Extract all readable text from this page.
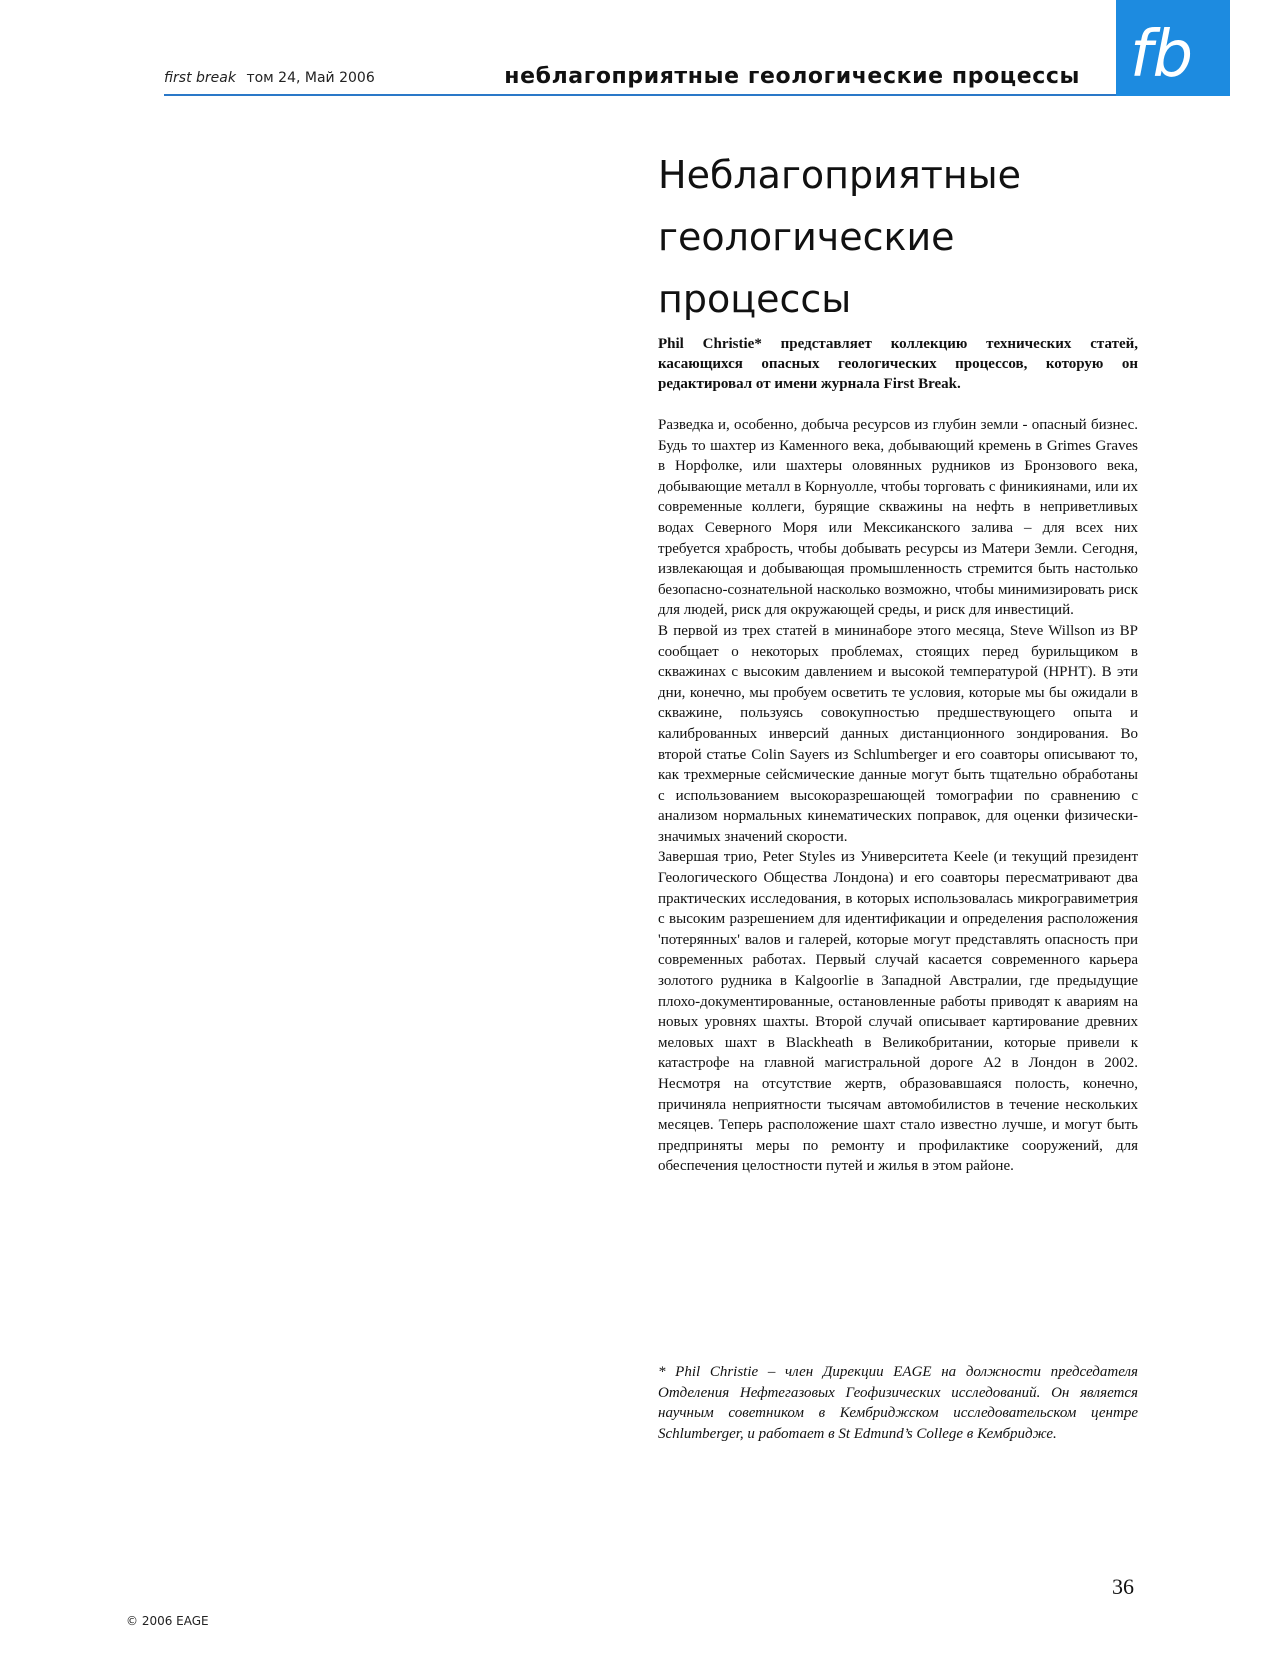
first break том 24, Май 2006	неблагоприятные геологические процессы fb
Неблагоприятные
геологические
процессы
Phil Christie* представляет коллекцию технических статей, касающихся опасных геологических процессов, которую он редактировал от имени журнала First Break.

Разведка и, особенно, добыча ресурсов из глубин земли - опасный бизнес. Будь то шахтер из Каменного века, добывающий кремень в Grimes Graves в Норфолке, или шахтеры оловянных рудников из Бронзового века, добывающие металл в Корнуолле, чтобы торговать с финикиянами, или их современные коллеги, бурящие скважины на нефть в неприветливых водах Северного Моря или Мексиканского залива – для всех них требуется храбрость, чтобы добывать ресурсы из Матери Земли. Сегодня, извлекающая и добывающая промышленность стремится быть настолько безопасно-сознательной насколько возможно, чтобы минимизировать риск для людей, риск для окружающей среды, и риск для инвестиций.

В первой из трех статей в мининаборе этого месяца, Steve Willson из BP сообщает о некоторых проблемах, стоящих перед бурильщиком в скважинах с высоким давлением и высокой температурой (HPHT). В эти дни, конечно, мы пробуем осветить те условия, которые мы бы ожидали в скважине, пользуясь совокупностью предшествующего опыта и калиброванных инверсий данных дистанционного зондирования. Во второй статье Colin Sayers из Schlumberger и его соавторы описывают то, как трехмерные сейсмические данные могут быть тщательно обработаны с использованием высокоразрешающей томографии по сравнению с анализом нормальных кинематических поправок, для оценки физически-значимых значений скорости.

Завершая трио, Peter Styles из Университета Keele (и текущий президент Геологического Общества Лондона) и его соавторы пересматривают два практических исследования, в которых использовалась микрогравиметрия с высоким разрешением для идентификации и определения расположения 'потерянных' валов и галерей, которые могут представлять опасность при современных работах. Первый случай касается современного карьера золотого рудника в Kalgoorlie в Западной Австралии, где предыдущие плохо-документированные, остановленные работы приводят к авариям на новых уровнях шахты. Второй случай описывает картирование древних меловых шахт в Blackheath в Великобритании, которые привели к катастрофе на главной магистральной дороге A2 в Лондон в 2002. Несмотря на отсутствие жертв, образовавшаяся полость, конечно, причиняла неприятности тысячам автомобилистов в течение нескольких месяцев. Теперь расположение шахт стало известно лучше, и могут быть предприняты меры по ремонту и профилактике сооружений, для обеспечения целостности путей и жилья в этом районе.

* Phil Christie – член Дирекции EAGE на должности председателя Отделения Нефтегазовых Геофизических исследований. Он является научным советником в Кембриджском исследовательском центре Schlumberger, и работает в St Edmund’s College в Кембридже.
36
© 2006 EAGE
